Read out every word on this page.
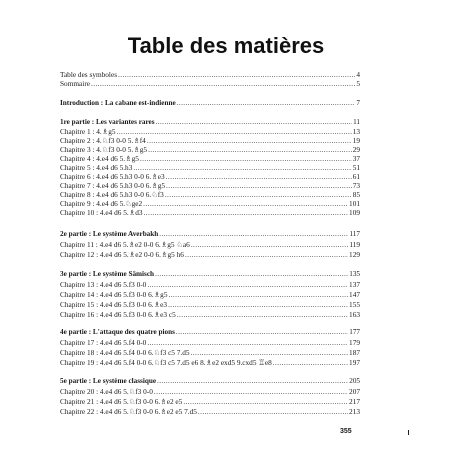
Table des matières
Table des symboles .....	4
Sommaire .....	5
Introduction : La cabane est-indienne .....	7
1re partie : Les variantes rares .....	11
Chapitre 1 : 4.♗g5 .....	13
Chapitre 2 : 4.♘f3 0-0 5.♗f4 .....	19
Chapitre 3 : 4.♘f3 0-0 5.♗g5 .....	29
Chapitre 4 : 4.e4 d6 5.♗g5 .....	37
Chapitre 5 : 4.e4 d6 5.h3 .....	51
Chapitre 6 : 4.e4 d6 5.h3 0-0 6.♗e3 .....	61
Chapitre 7 : 4.e4 d6 5.h3 0-0 6.♗g5 .....	73
Chapitre 8 : 4.e4 d6 5.h3 0-0 6.♘f3 .....	85
Chapitre 9 : 4.e4 d6 5.♘ge2 .....	101
Chapitre 10 : 4.e4 d6 5.♗d3 .....	109
2e partie : Le système Averbakh .....	117
Chapitre 11 : 4.e4 d6 5.♗e2 0-0 6.♗g5 ♘a6 .....	119
Chapitre 12 : 4.e4 d6 5.♗e2 0-0 6.♗g5 h6 .....	129
3e partie : Le système Sämisch .....	135
Chapitre 13 : 4.e4 d6 5.f3 0-0 .....	137
Chapitre 14 : 4.e4 d6 5.f3 0-0 6.♗g5 .....	147
Chapitre 15 : 4.e4 d6 5.f3 0-0 6.♗e3 .....	155
Chapitre 16 : 4.e4 d6 5.f3 0-0 6.♗e3 c5 .....	163
4e partie : L'attaque des quatre pions .....	177
Chapitre 17 : 4.e4 d6 5.f4 0-0 .....	179
Chapitre 18 : 4.e4 d6 5.f4 0-0 6.♘f3 c5 7.d5 .....	187
Chapitre 19 : 4.e4 d6 5.f4 0-0 6.♘f3 c5 7.d5 e6 8.♗e2 exd5 9.cxd5 ♖e8 .....	197
5e partie : Le système classique .....	205
Chapitre 20 : 4.e4 d6 5.♘f3 0-0 .....	207
Chapitre 21 : 4.e4 d6 5.♘f3 0-0 6.♗e2 e5 .....	217
Chapitre 22 : 4.e4 d6 5.♘f3 0-0 6.♗e2 e5 7.d5 .....	213
355
